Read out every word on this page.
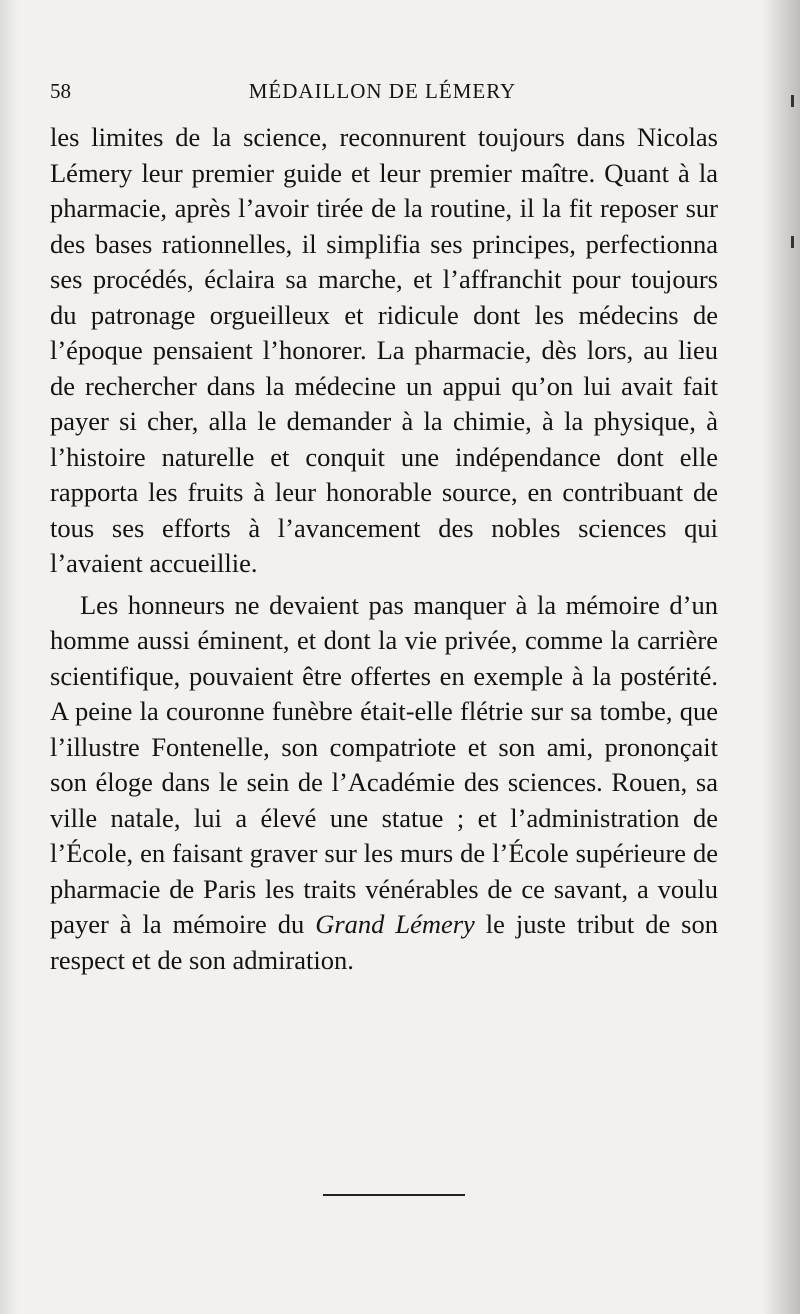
58	MÉDAILLON DE LÉMERY

les limites de la science, reconnurent toujours dans Nicolas Lémery leur premier guide et leur premier maître. Quant à la pharmacie, après l’avoir tirée de la routine, il la fit reposer sur des bases rationnelles, il simplifia ses principes, perfectionna ses procédés, éclaira sa marche, et l’affranchit pour toujours du patronage orgueilleux et ridicule dont les médecins de l’époque pensaient l’honorer. La pharmacie, dès lors, au lieu de rechercher dans la médecine un appui qu’on lui avait fait payer si cher, alla le demander à la chimie, à la physique, à l’histoire naturelle et conquit une indépendance dont elle rapporta les fruits à leur honorable source, en contribuant de tous ses efforts à l’avancement des nobles sciences qui l’avaient accueillie.

Les honneurs ne devaient pas manquer à la mémoire d’un homme aussi éminent, et dont la vie privée, comme la carrière scientifique, pouvaient être offertes en exemple à la postérité. A peine la couronne funèbre était-elle flétrie sur sa tombe, que l’illustre Fontenelle, son compatriote et son ami, prononçait son éloge dans le sein de l’Académie des sciences. Rouen, sa ville natale, lui a élevé une statue ; et l’administration de l’École, en faisant graver sur les murs de l’École supérieure de pharmacie de Paris les traits vénérables de ce savant, a voulu payer à la mémoire du Grand Lémery le juste tribut de son respect et de son admiration.
